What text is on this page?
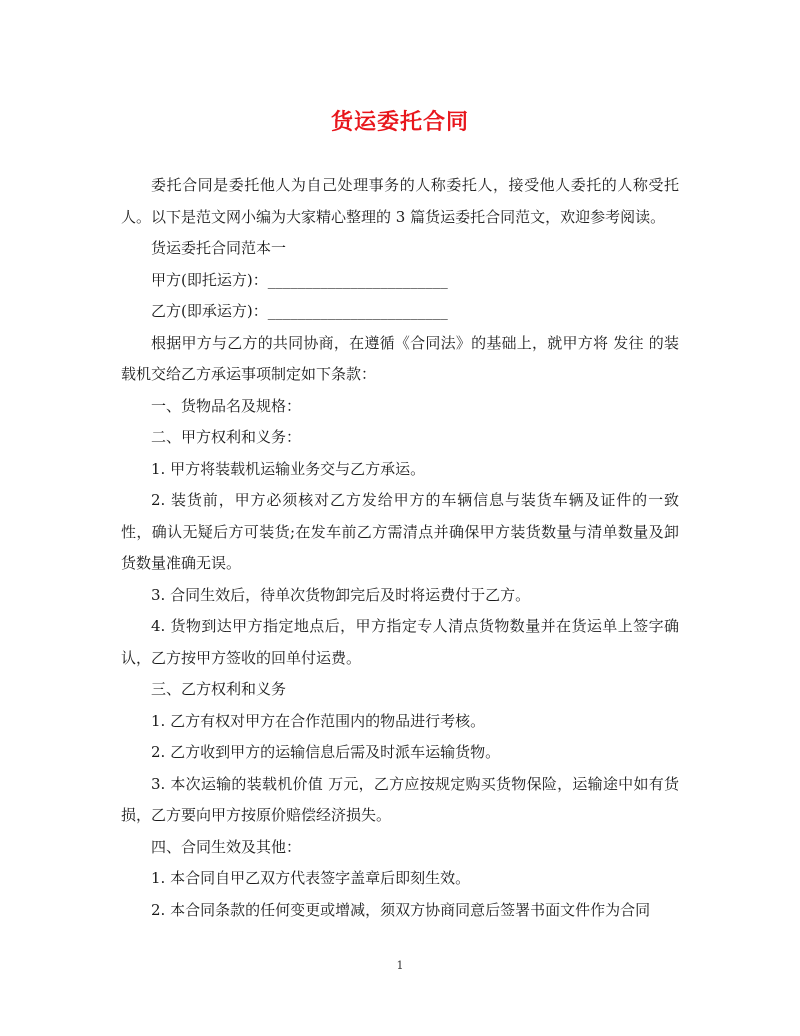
货运委托合同

委托合同是委托他人为自己处理事务的人称委托人，接受他人委托的人称受托人。以下是范文网小编为大家精心整理的 3 篇货运委托合同范文，欢迎参考阅读。

货运委托合同范本一

甲方(即托运方)：________________________

乙方(即承运方)：________________________

根据甲方与乙方的共同协商，在遵循《合同法》的基础上，就甲方将 发往 的装载机交给乙方承运事项制定如下条款：

一、货物品名及规格：

二、甲方权利和义务：

1. 甲方将装载机运输业务交与乙方承运。

2. 装货前，甲方必须核对乙方发给甲方的车辆信息与装货车辆及证件的一致性，确认无疑后方可装货;在发车前乙方需清点并确保甲方装货数量与清单数量及卸货数量准确无误。

3. 合同生效后，待单次货物卸完后及时将运费付于乙方。

4. 货物到达甲方指定地点后，甲方指定专人清点货物数量并在货运单上签字确认，乙方按甲方签收的回单付运费。

三、乙方权利和义务

1. 乙方有权对甲方在合作范围内的物品进行考核。

2. 乙方收到甲方的运输信息后需及时派车运输货物。

3. 本次运输的装载机价值 万元，乙方应按规定购买货物保险，运输途中如有货损，乙方要向甲方按原价赔偿经济损失。

四、合同生效及其他：

1. 本合同自甲乙双方代表签字盖章后即刻生效。

2. 本合同条款的任何变更或增减，须双方协商同意后签署书面文件作为合同

1
